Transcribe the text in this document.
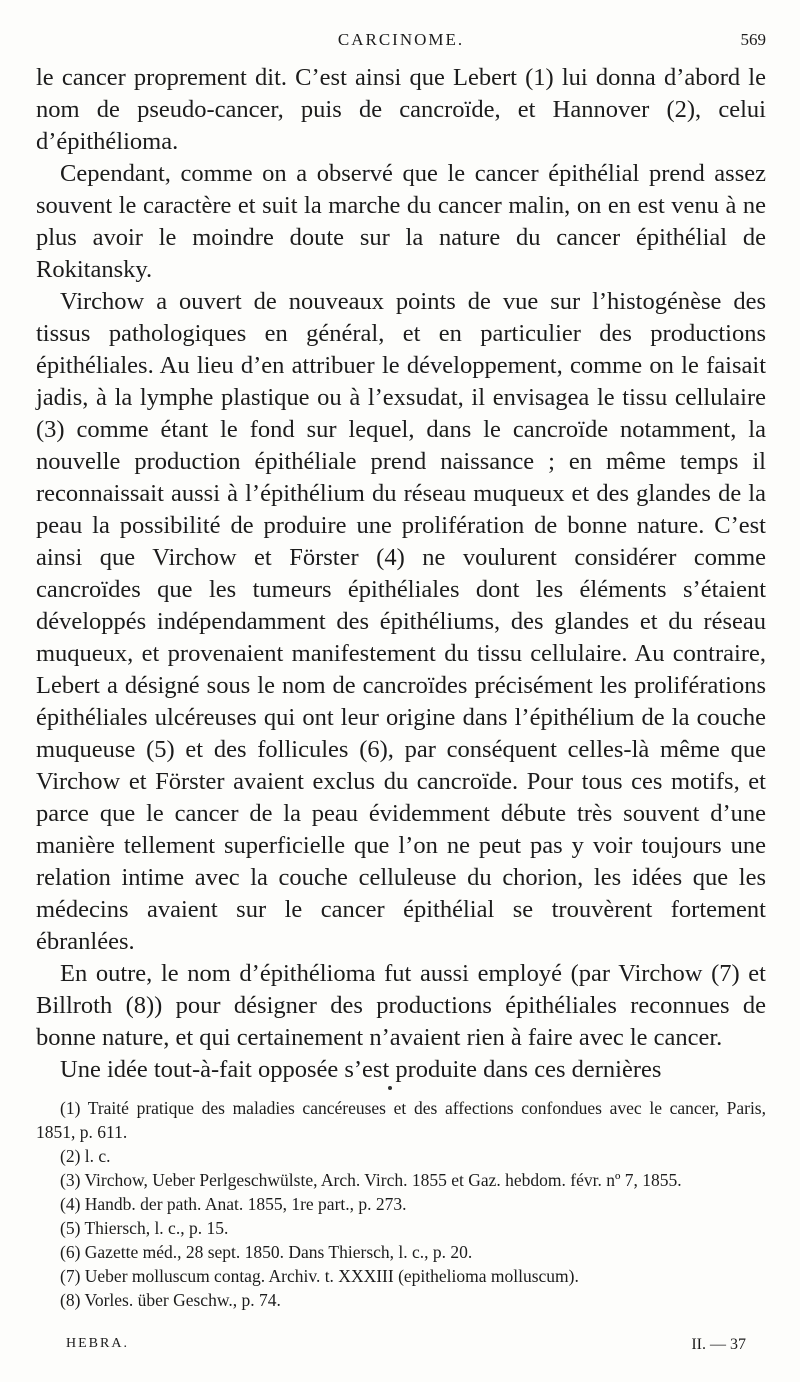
CARCINOME.	569

le cancer proprement dit. C’est ainsi que Lebert (1) lui donna d’abord le nom de pseudo-cancer, puis de cancroïde, et Hannover (2), celui d’épithélioma.

Cependant, comme on a observé que le cancer épithélial prend assez souvent le caractère et suit la marche du cancer malin, on en est venu à ne plus avoir le moindre doute sur la nature du cancer épithélial de Rokitansky.

Virchow a ouvert de nouveaux points de vue sur l’histogénèse des tissus pathologiques en général, et en particulier des productions épithéliales. Au lieu d’en attribuer le développement, comme on le faisait jadis, à la lymphe plastique ou à l’exsudat, il envisagea le tissu cellulaire (3) comme étant le fond sur lequel, dans le cancroïde notamment, la nouvelle production épithéliale prend naissance ; en même temps il reconnaissait aussi à l’épithélium du réseau muqueux et des glandes de la peau la possibilité de produire une prolifération de bonne nature. C’est ainsi que Virchow et Förster (4) ne voulurent considérer comme cancroïdes que les tumeurs épithéliales dont les éléments s’étaient développés indépendamment des épithéliums, des glandes et du réseau muqueux, et provenaient manifestement du tissu cellulaire. Au contraire, Lebert a désigné sous le nom de cancroïdes précisément les proliférations épithéliales ulcéreuses qui ont leur origine dans l’épithélium de la couche muqueuse (5) et des follicules (6), par conséquent celles-là même que Virchow et Förster avaient exclus du cancroïde. Pour tous ces motifs, et parce que le cancer de la peau évidemment débute très souvent d’une manière tellement superficielle que l’on ne peut pas y voir toujours une relation intime avec la couche celluleuse du chorion, les idées que les médecins avaient sur le cancer épithélial se trouvèrent fortement ébranlées.

En outre, le nom d’épithélioma fut aussi employé (par Virchow (7) et Billroth (8)) pour désigner des productions épithéliales reconnues de bonne nature, et qui certainement n’avaient rien à faire avec le cancer.

Une idée tout-à-fait opposée s’est produite dans ces dernières

(1) Traité pratique des maladies cancéreuses et des affections confondues avec le cancer, Paris, 1851, p. 611.

(2) l. c.

(3) Virchow, Ueber Perlgeschwülste, Arch. Virch. 1855 et Gaz. hebdom. févr. nº 7, 1855.

(4) Handb. der path. Anat. 1855, 1re part., p. 273.

(5) Thiersch, l. c., p. 15.

(6) Gazette méd., 28 sept. 1850. Dans Thiersch, l. c., p. 20.

(7) Ueber molluscum contag. Archiv. t. XXXIII (epithelioma molluscum).

(8) Vorles. über Geschw., p. 74.

HEBRA.	II. — 37
